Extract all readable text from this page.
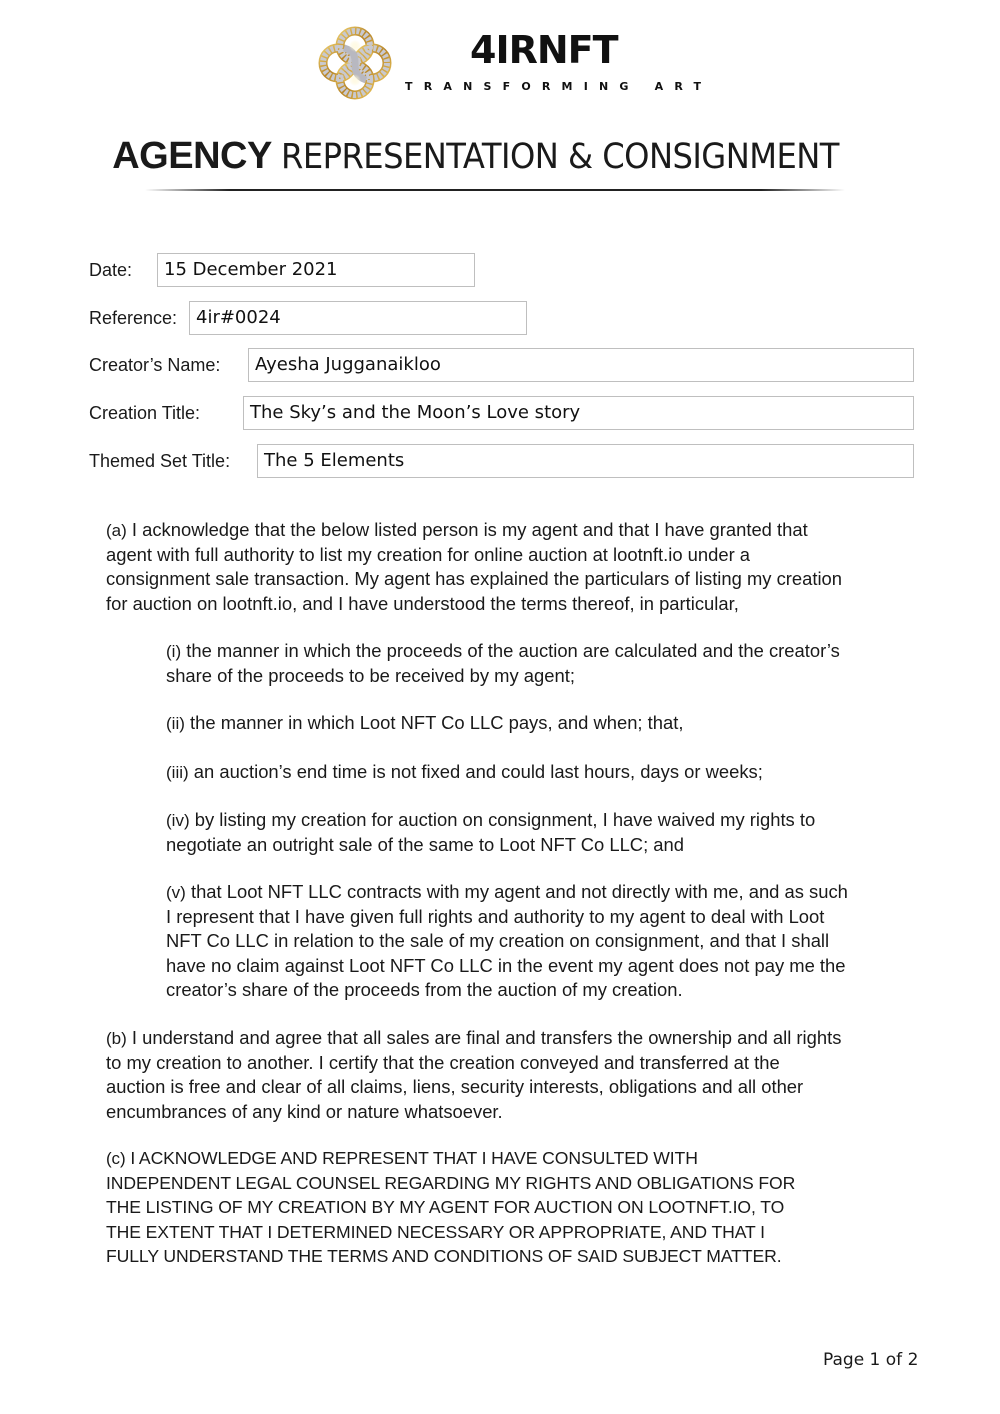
4IRNFT
TRANSFORMING ART
AGENCY REPRESENTATION & CONSIGNMENT
Date:	15 December 2021
Reference:	4ir#0024
Creator’s Name:	Ayesha Jugganaikloo
Creation Title:	The Sky’s and the Moon’s Love story
Themed Set Title:	The 5 Elements
(a) I acknowledge that the below listed person is my agent and that I have granted that
agent with full authority to list my creation for online auction at lootnft.io under a
consignment sale transaction. My agent has explained the particulars of listing my creation
for auction on lootnft.io, and I have understood the terms thereof, in particular,
(i) the manner in which the proceeds of the auction are calculated and the creator’s
share of the proceeds to be received by my agent;
(ii) the manner in which Loot NFT Co LLC pays, and when; that,
(iii) an auction’s end time is not fixed and could last hours, days or weeks;
(iv) by listing my creation for auction on consignment, I have waived my rights to
negotiate an outright sale of the same to Loot NFT Co LLC; and
(v) that Loot NFT LLC contracts with my agent and not directly with me, and as such
I represent that I have given full rights and authority to my agent to deal with Loot
NFT Co LLC in relation to the sale of my creation on consignment, and that I shall
have no claim against Loot NFT Co LLC in the event my agent does not pay me the
creator’s share of the proceeds from the auction of my creation.
(b) I understand and agree that all sales are final and transfers the ownership and all rights
to my creation to another. I certify that the creation conveyed and transferred at the
auction is free and clear of all claims, liens, security interests, obligations and all other
encumbrances of any kind or nature whatsoever.
(c) I ACKNOWLEDGE AND REPRESENT THAT I HAVE CONSULTED WITH
INDEPENDENT LEGAL COUNSEL REGARDING MY RIGHTS AND OBLIGATIONS FOR
THE LISTING OF MY CREATION BY MY AGENT FOR AUCTION ON LOOTNFT.IO, TO
THE EXTENT THAT I DETERMINED NECESSARY OR APPROPRIATE, AND THAT I
FULLY UNDERSTAND THE TERMS AND CONDITIONS OF SAID SUBJECT MATTER.
Page 1 of 2
